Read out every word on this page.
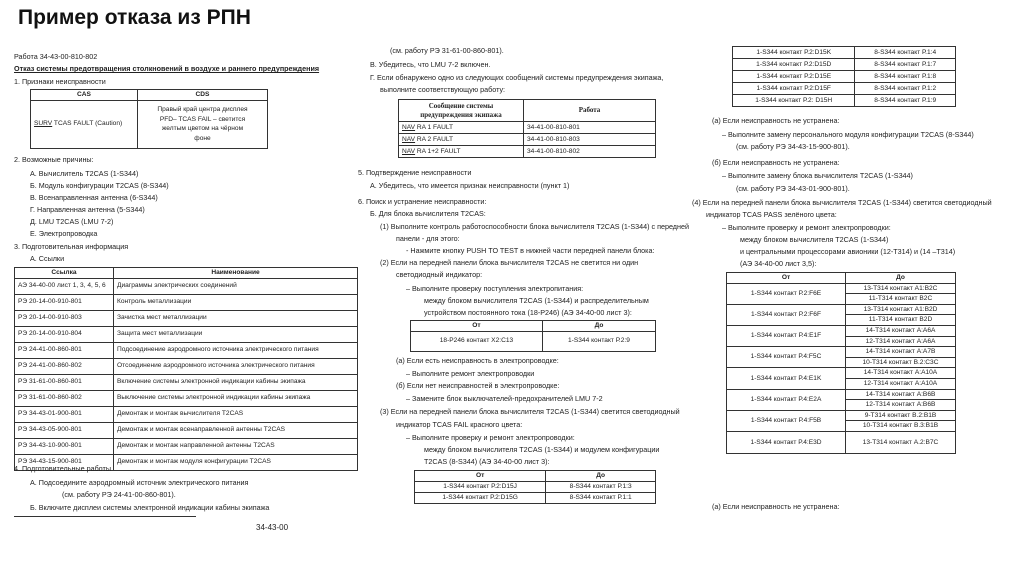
Пример отказа из РПН
Работа 34-43-00-810-802
Отказ системы предотвращения столкновений в воздухе и раннего предупреждения
1. Признаки неисправности
CAS	CDS
SURV TCAS FAULT (Caution)	Правый край центра дисплея
PFD– TCAS FAIL – светится
желтым цветом на чёрном
фоне
2. Возможные причины:
А. Вычислитель T2CAS (1-S344)
Б. Модуль конфигурации T2CAS (8-S344)
В. Всенаправленная антенна (6-S344)
Г. Направленная антенна (5-S344)
Д. LMU T2CAS (LMU 7-2)
Е. Электропроводка
3. Подготовительная информация
А. Ссылки
Ссылка	Наименование
АЭ 34-40-00 лист 1, 3, 4, 5, 6	Диаграммы электрических соединений
РЭ 20-14-00-910-801	Контроль металлизации
РЭ 20-14-00-910-803	Зачистка мест металлизации
РЭ 20-14-00-910-804	Защита мест металлизации
РЭ 24-41-00-860-801	Подсоединение аэродромного источника электрического питания
РЭ 24-41-00-860-802	Отсоединение аэродромного источника электрического питания
РЭ 31-61-00-860-801	Включение системы электронной индикации кабины экипажа
РЭ 31-61-00-860-802	Выключение системы электронной индикации кабины экипажа
РЭ 34-43-01-900-801	Демонтаж и монтаж вычислителя T2CAS
РЭ 34-43-05-900-801	Демонтаж и монтаж всенаправленной антенны T2CAS
РЭ 34-43-10-900-801	Демонтаж и монтаж направленной антенны T2CAS
РЭ 34-43-15-900-801	Демонтаж и монтаж модуля конфигурации T2CAS
4. Подготовительные работы
А. Подсоедините аэродромный источник электрического питания
(см. работу РЭ 24-41-00-860-801).
Б. Включите дисплеи системы электронной индикации кабины экипажа
34-43-00
(см. работу РЭ 31-61-00-860-801).
В. Убедитесь, что LMU 7-2 включен.
Г. Если обнаружено одно из следующих сообщений системы предупреждения экипажа,
выполните соответствующую работу:
Сообщение системы предупреждения экипажа	Работа
NAV RA 1 FAULT	34-41-00-810-801
NAV RA 2 FAULT	34-41-00-810-803
NAV RA 1+2 FAULT	34-41-00-810-802
5. Подтверждение неисправности
А. Убедитесь, что имеется признак неисправности (пункт 1)
6. Поиск и устранение неисправности:
Б. Для блока вычислителя T2CAS:
(1) Выполните контроль работоспособности блока вычислителя T2CAS (1-S344) с передней
панели - для этого:
- Нажмите кнопку PUSH TO TEST в нижней части передней панели блока:
(2) Если на передней панели блока вычислителя T2CAS не светится ни один
светодиодный индикатор:
– Выполните проверку поступления электропитания:
между блоком вычислителя T2CAS (1-S344) и распределительным
устройством постоянного тока (18-Р246) (АЭ 34-40-00 лист 3):
От	До
18-Р246 контакт X2:C13	1-S344 контакт Р.2:9
(а) Если есть неисправность в электропроводке:
– Выполните ремонт электропроводки
(б) Если нет неисправностей в электропроводке:
– Замените блок выключателей-предохранителей LMU 7-2
(3) Если на передней панели блока вычислителя T2CAS (1-S344) светится светодиодный
индикатор TCAS FAIL красного цвета:
– Выполните проверку и ремонт электропроводки:
между блоком вычислителя T2CAS (1-S344) и модулем конфигурации
T2CAS (8-S344) (АЭ 34-40-00 лист 3):
От	До
1-S344 контакт Р.2:D15J	8-S344 контакт Р.1:3
1-S344 контакт Р.2:D15G	8-S344 контакт Р.1:1
1-S344 контакт Р.2:D15K	8-S344 контакт Р.1:4
1-S344 контакт Р.2:D15D	8-S344 контакт Р.1:7
1-S344 контакт Р.2:D15E	8-S344 контакт Р.1:8
1-S344 контакт Р.2:D15F	8-S344 контакт Р.1:2
1-S344 контакт Р.2: D15H	8-S344 контакт Р.1:9
(а) Если неисправность не устранена:
– Выполните замену персонального модуля конфигурации T2CAS (8-S344)
(см. работу РЭ 34-43-15-900-801).
(б) Если неисправность не устранена:
– Выполните замену блока вычислителя T2CAS (1-S344)
(см. работу РЭ 34-43-01-900-801).
(4) Если на передней панели блока вычислителя T2CAS (1-S344) светится светодиодный
индикатор TCAS PASS зелёного цвета:
– Выполните проверку и ремонт электропроводки:
между блоком вычислителя T2CAS (1-S344)
и центральными процессорами авионики (12-T314) и (14 –T314)
(АЭ 34-40-00 лист 3,5):
От	До
1-S344 контакт Р.2:F6E	13-T314 контакт A1:B2C
	11-T314 контакт B2C
1-S344 контакт Р.2:F6F	13-T314 контакт A1:B2D
	11-T314 контакт B2D
1-S344 контакт Р.4:E1F	14-T314 контакт A:A6A
	12-T314 контакт A:A6A
1-S344 контакт Р.4:F5C	14-T314 контакт A:A7B
	10-T314 контакт B.2:C3C
1-S344 контакт Р.4:E1K	14-T314 контакт A:A10A
	12-T314 контакт A:A10A
1-S344 контакт Р.4:E2A	14-T314 контакт A:B6B
	12-T314 контакт A:B6B
1-S344 контакт Р.4:F5B	9-T314 контакт B.2:B1B
	10-T314 контакт B.3:B1B
1-S344 контакт Р.4:E3D	13-T314 контакт A.2:B7C
(а) Если неисправность не устранена:
